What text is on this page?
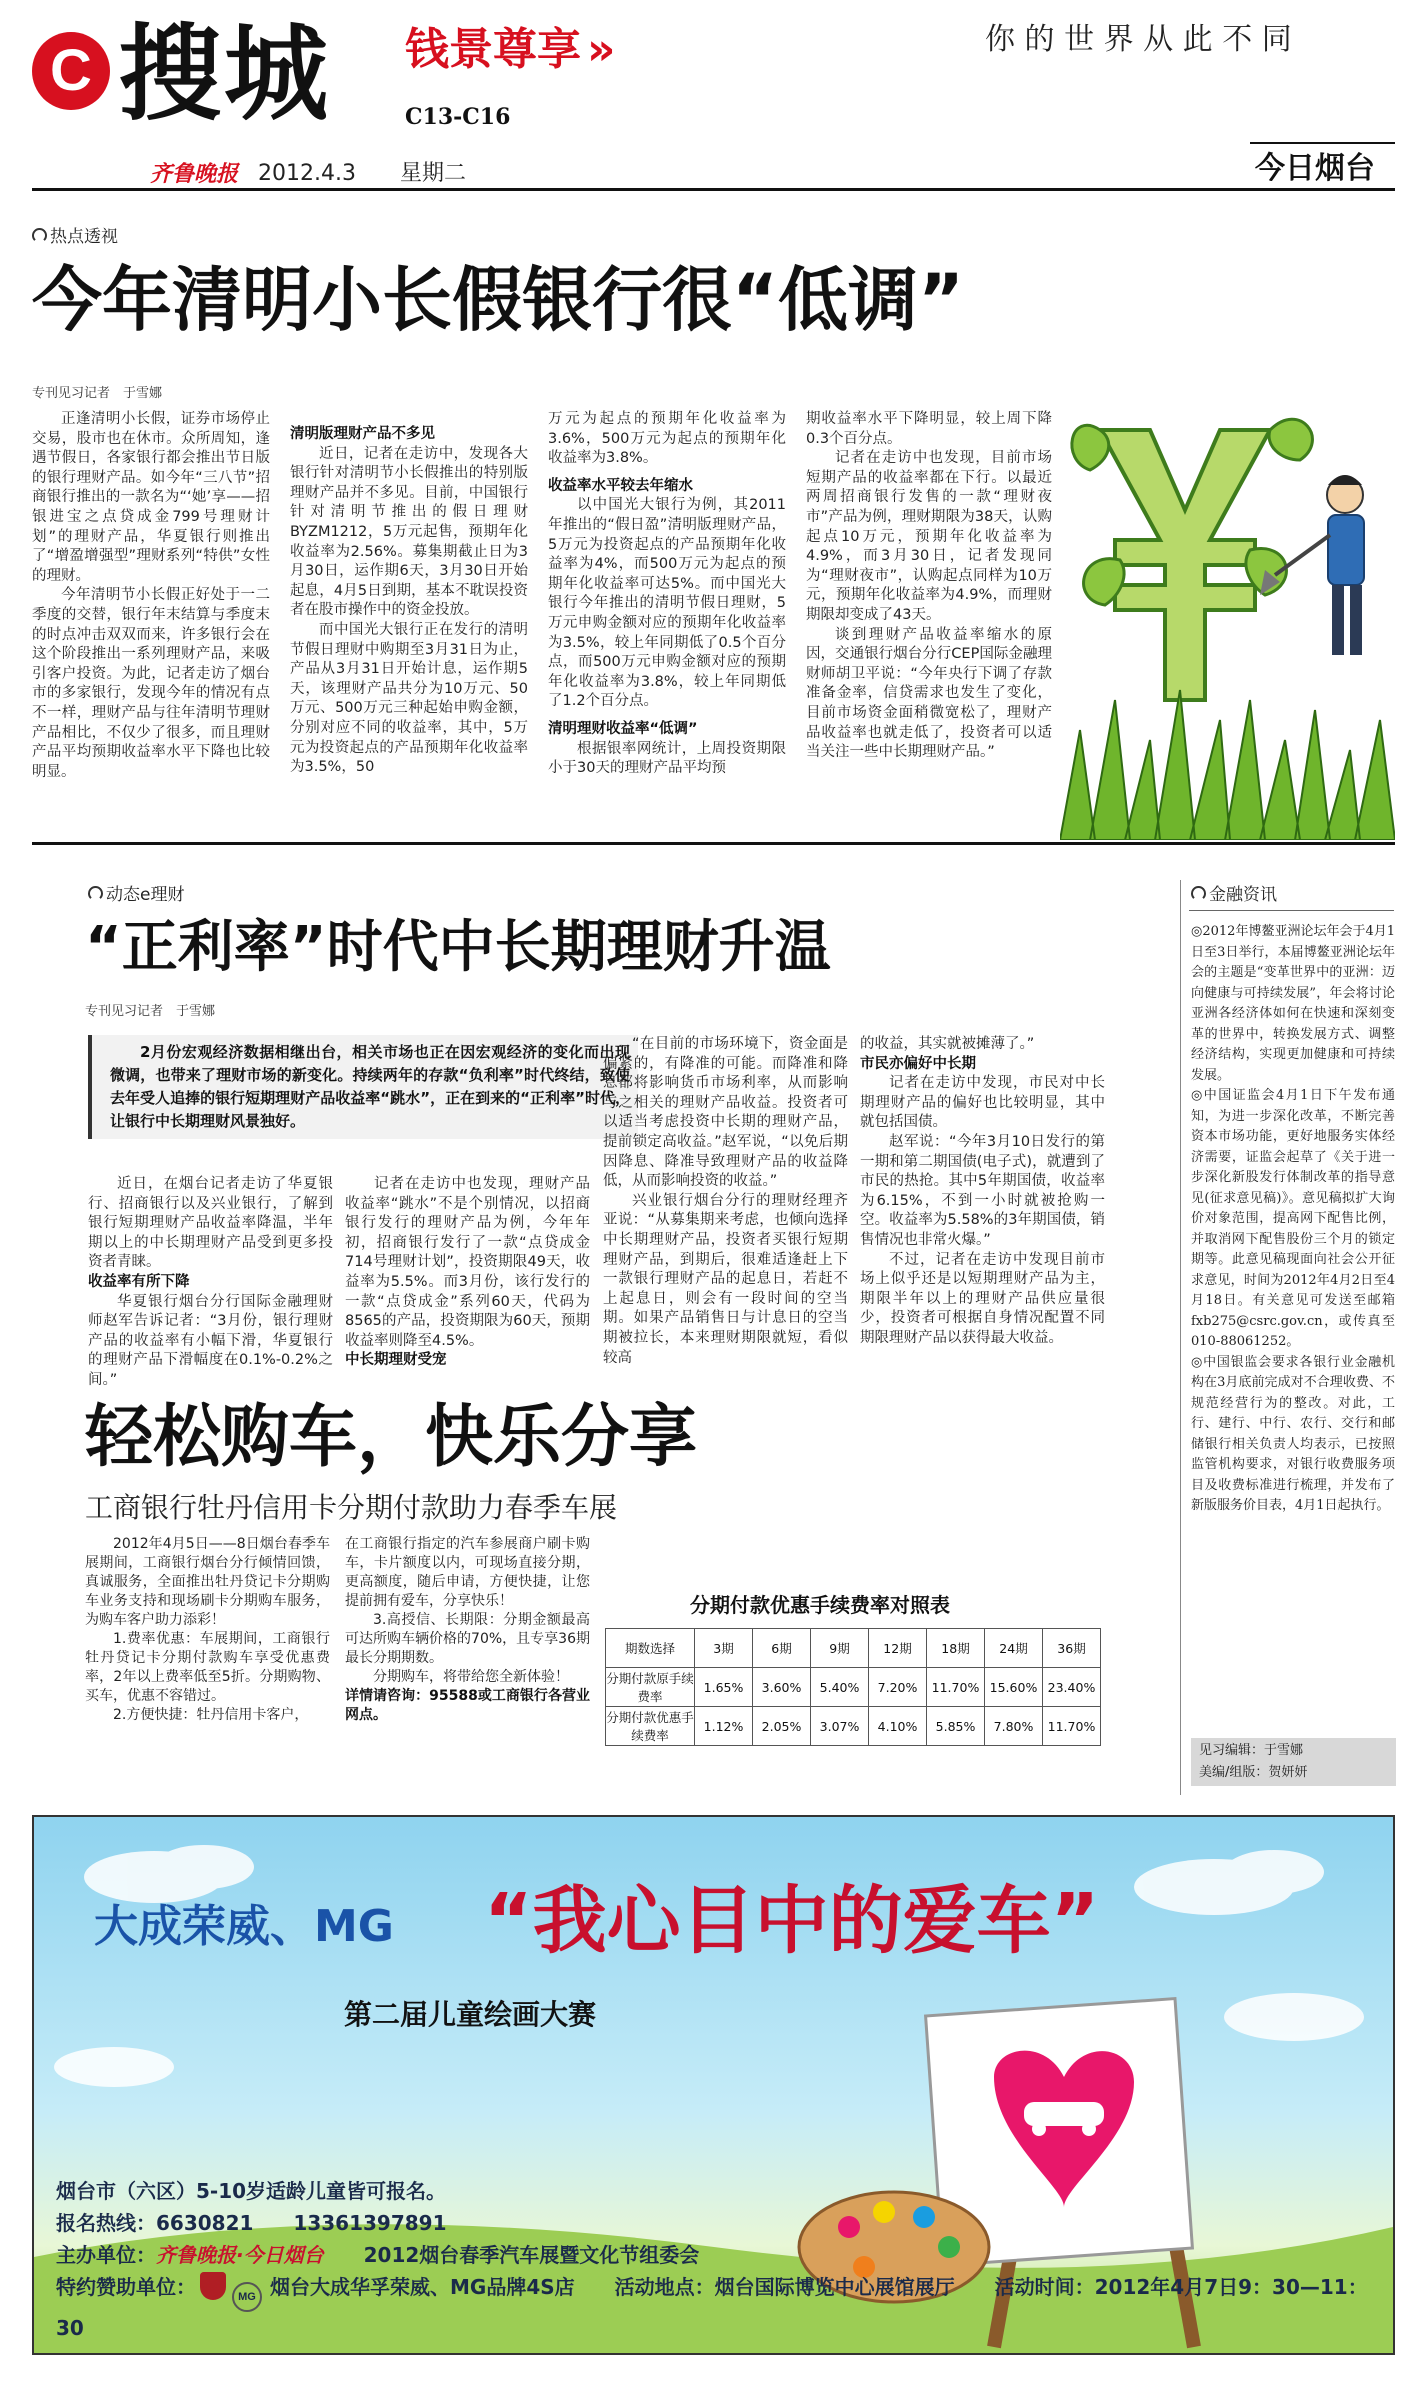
C 搜城 钱景尊享 »
C13-C16
你 的 世 界 从 此 不 同
齐鲁晚报 2012.4.3 星期二	今日烟台
热点透视
今年清明小长假银行很“低调”
专刊见习记者　于雪娜

正逢清明小长假，证券市场停止交易，股市也在休市。众所周知，逢遇节假日，各家银行都会推出节日版的银行理财产品。如今年“三八节”招商银行推出的一款名为“‘她’享——招银进宝之点贷成金799号理财计划”的理财产品，华夏银行则推出了“增盈增强型”理财系列“特供”女性的理财。

今年清明节小长假正好处于一二季度的交替，银行年末结算与季度末的时点冲击双双而来，许多银行会在这个阶段推出一系列理财产品，来吸引客户投资。为此，记者走访了烟台市的多家银行，发现今年的情况有点不一样，理财产品与往年清明节理财产品相比，不仅少了很多，而且理财产品平均预期收益率水平下降也比较明显。

清明版理财产品不多见

近日，记者在走访中，发现各大银行针对清明节小长假推出的特别版理财产品并不多见。目前，中国银行针对清明节推出的假日理财BYZM1212，5万元起售，预期年化收益率为2.56%。募集期截止日为3月30日，运作期6天，3月30日开始起息，4月5日到期，基本不耽误投资者在股市操作中的资金投放。

而中国光大银行正在发行的清明节假日理财中购期至3月31日为止，产品从3月31日开始计息，运作期5天，该理财产品共分为10万元、50万元、500万元三种起始申购金额，分别对应不同的收益率，其中，5万元为投资起点的产品预期年化收益率为3.5%，50

万元为起点的预期年化收益率为3.6%，500万元为起点的预期年化收益率为3.8%。

收益率水平较去年缩水

以中国光大银行为例，其2011年推出的“假日盈”清明版理财产品，5万元为投资起点的产品预期年化收益率为4%，而500万元为起点的预期年化收益率可达5%。而中国光大银行今年推出的清明节假日理财，5万元申购金额对应的预期年化收益率为3.5%，较上年同期低了0.5个百分点，而500万元申购金额对应的预期年化收益率为3.8%，较上年同期低了1.2个百分点。

清明理财收益率“低调”

根据银率网统计，上周投资期限小于30天的理财产品平均预

期收益率水平下降明显，较上周下降0.3个百分点。

记者在走访中也发现，目前市场短期产品的收益率都在下行。以最近两周招商银行发售的一款“理财夜市”产品为例，理财期限为38天，认购起点10万元，预期年化收益率为4.9%，而3月30日，记者发现同为“理财夜市”，认购起点同样为10万元，预期年化收益率为4.9%，而理财期限却变成了43天。

谈到理财产品收益率缩水的原因，交通银行烟台分行CEP国际金融理财师胡卫平说：“今年央行下调了存款准备金率，信贷需求也发生了变化，目前市场资金面稍微宽松了，理财产品收益率也就走低了，投资者可以适当关注一些中长期理财产品。”

动态e理财
“正利率”时代中长期理财升温
专刊见习记者　于雪娜
2月份宏观经济数据相继出台，相关市场也正在因宏观经济的变化而出现微调，也带来了理财市场的新变化。持续两年的存款“负利率”时代终结，致使去年受人追捧的银行短期理财产品收益率“跳水”，正在到来的“正利率”时代，让银行中长期理财风景独好。

近日，在烟台记者走访了华夏银行、招商银行以及兴业银行，了解到银行短期理财产品收益率降温，半年期以上的中长期理财产品受到更多投资者青睐。

收益率有所下降

华夏银行烟台分行国际金融理财师赵军告诉记者：“3月份，银行理财产品的收益率有小幅下滑，华夏银行的理财产品下滑幅度在0.1%-0.2%之间。”

记者在走访中也发现，理财产品收益率“跳水”不是个别情况，以招商银行发行的理财产品为例，今年年初，招商银行发行了一款“点贷成金714号理财计划”，投资期限49天，收益率为5.5%。而3月份，该行发行的一款“点贷成金”系列60天，代码为8565的产品，投资期限为60天，预期收益率则降至4.5%。

中长期理财受宠

“在目前的市场环境下，资金面是偏紧的，有降准的可能。而降准和降息都将影响货币市场利率，从而影响与之相关的理财产品收益。投资者可以适当考虑投资中长期的理财产品，提前锁定高收益。”赵军说，“以免后期因降息、降准导致理财产品的收益降低，从而影响投资的收益。”

兴业银行烟台分行的理财经理齐亚说：“从募集期来考虑，也倾向选择中长期理财产品，投资者买银行短期理财产品，到期后，很难适逢赶上下一款银行理财产品的起息日，若赶不上起息日，则会有一段时间的空当期。如果产品销售日与计息日的空当期被拉长，本来理财期限就短，看似较高

的收益，其实就被摊薄了。”

市民亦偏好中长期

记者在走访中发现，市民对中长期理财产品的偏好也比较明显，其中就包括国债。

赵军说：“今年3月10日发行的第一期和第二期国债(电子式)，就遭到了市民的热抢。其中5年期国债，收益率为6.15%，不到一小时就被抢购一空。收益率为5.58%的3年期国债，销售情况也非常火爆。”

不过，记者在走访中发现目前市场上似乎还是以短期理财产品为主，期限半年以上的理财产品供应量很少，投资者可根据自身情况配置不同期限理财产品以获得最大收益。

金融资讯

◎2012年博鳌亚洲论坛年会于4月1日至3日举行，本届博鳌亚洲论坛年会的主题是“变革世界中的亚洲：迈向健康与可持续发展”，年会将讨论亚洲各经济体如何在快速和深刻变革的世界中，转换发展方式、调整经济结构，实现更加健康和可持续发展。

◎中国证监会4月1日下午发布通知，为进一步深化改革，不断完善资本市场功能，更好地服务实体经济需要，证监会起草了《关于进一步深化新股发行体制改革的指导意见(征求意见稿)》。意见稿拟扩大询价对象范围，提高网下配售比例，并取消网下配售股份三个月的锁定期等。此意见稿现面向社会公开征求意见，时间为2012年4月2日至4月18日。有关意见可发送至邮箱fxb275@csrc.gov.cn，或传真至010-88061252。

◎中国银监会要求各银行业金融机构在3月底前完成对不合理收费、不规范经营行为的整改。对此，工行、建行、中行、农行、交行和邮储银行相关负责人均表示，已按照监管机构要求，对银行收费服务项目及收费标准进行梳理，并发布了新版服务价目表，4月1日起执行。

见习编辑：于雪娜
美编/组版：贺妍妍
轻松购车，快乐分享
工商银行牡丹信用卡分期付款助力春季车展

2012年4月5日——8日烟台春季车展期间，工商银行烟台分行倾情回馈，真诚服务，全面推出牡丹贷记卡分期购车业务支持和现场刷卡分期购车服务，为购车客户助力添彩！

1.费率优惠：车展期间，工商银行牡丹贷记卡分期付款购车享受优惠费率，2年以上费率低至5折。分期购物、买车，优惠不容错过。

2.方便快捷：牡丹信用卡客户，

在工商银行指定的汽车参展商户刷卡购车，卡片额度以内，可现场直接分期，更高额度，随后申请，方便快捷，让您提前拥有爱车，分享快乐！

3.高授信、长期限：分期金额最高可达所购车辆价格的70%，且专享36期最长分期期数。

分期购车，将带给您全新体验！

详情请咨询：95588或工商银行各营业网点。

分期付款优惠手续费率对照表
期数选择	3期	6期	9期	12期	18期	24期	36期
分期付款原手续费率	1.65%	3.60%	5.40%	7.20%	11.70%	15.60%	23.40%
分期付款优惠手续费率	1.12%	2.05%	3.07%	4.10%	5.85%	7.80%	11.70%
大成荣威、MG “我心目中的爱车”
第二届儿童绘画大赛
烟台市（六区）5-10岁适龄儿童皆可报名。
报名热线：6630821　　 13361397891
主办单位：齐鲁晚报·今日烟台　　 2012烟台春季汽车展暨文化节组委会
特约赞助单位：	MG 烟台大成华孚荣威、MG品牌4S店　　 活动地点：烟台国际博览中心展馆展厅　　 活动时间：2012年4月7日9：30—11：30
